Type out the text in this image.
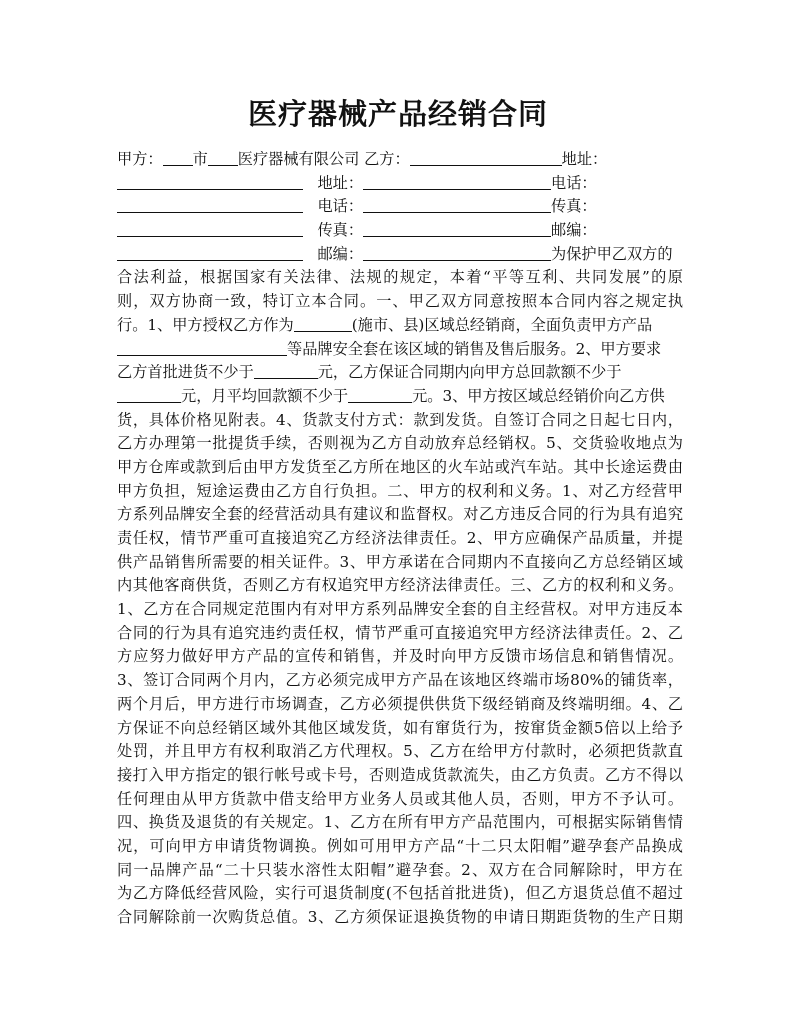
医疗器械产品经销合同
甲方： 市 医疗器械有限公司 乙方：	地址：
地址：	电话：
电话：	传真：
传真：	邮编：
邮编：	为保护甲乙双方的
合法利益，根据国家有关法律、法规的规定，本着“平等互利、共同发展”的原
则，双方协商一致，特订立本合同。一、甲乙双方同意按照本合同内容之规定执
行。1、甲方授权乙方作为	(施市、县)区域总经销商，全面负责甲方产品
等品牌安全套在该区域的销售及售后服务。2、甲方要求
乙方首批进货不少于	元，乙方保证合同期内向甲方总回款额不少于
元，月平均回款额不少于	元。3、甲方按区域总经销价向乙方供
货，具体价格见附表。4、货款支付方式：款到发货。自签订合同之日起七日内，
乙方办理第一批提货手续，否则视为乙方自动放弃总经销权。5、交货验收地点为
甲方仓库或款到后由甲方发货至乙方所在地区的火车站或汽车站。其中长途运费由
甲方负担，短途运费由乙方自行负担。二、甲方的权利和义务。1、对乙方经营甲
方系列品牌安全套的经营活动具有建议和监督权。对乙方违反合同的行为具有追究
责任权，情节严重可直接追究乙方经济法律责任。2、甲方应确保产品质量，并提
供产品销售所需要的相关证件。3、甲方承诺在合同期内不直接向乙方总经销区域
内其他客商供货，否则乙方有权追究甲方经济法律责任。三、乙方的权利和义务。
1、乙方在合同规定范围内有对甲方系列品牌安全套的自主经营权。对甲方违反本
合同的行为具有追究违约责任权，情节严重可直接追究甲方经济法律责任。2、乙
方应努力做好甲方产品的宣传和销售，并及时向甲方反馈市场信息和销售情况。
3、签订合同两个月内，乙方必须完成甲方产品在该地区终端市场80%的铺货率，
两个月后，甲方进行市场调查，乙方必须提供供货下级经销商及终端明细。4、乙
方保证不向总经销区域外其他区域发货，如有窜货行为，按窜货金额5倍以上给予
处罚，并且甲方有权利取消乙方代理权。5、乙方在给甲方付款时，必须把货款直
接打入甲方指定的银行帐号或卡号，否则造成货款流失，由乙方负责。乙方不得以
任何理由从甲方货款中借支给甲方业务人员或其他人员，否则，甲方不予认可。
四、换货及退货的有关规定。1、乙方在所有甲方产品范围内，可根据实际销售情
况，可向甲方申请货物调换。例如可用甲方产品“十二只太阳帽”避孕套产品换成
同一品牌产品“二十只装水溶性太阳帽”避孕套。2、双方在合同解除时，甲方在
为乙方降低经营风险，实行可退货制度(不包括首批进货)，但乙方退货总值不超过
合同解除前一次购货总值。3、乙方须保证退换货物的申请日期距货物的生产日期
